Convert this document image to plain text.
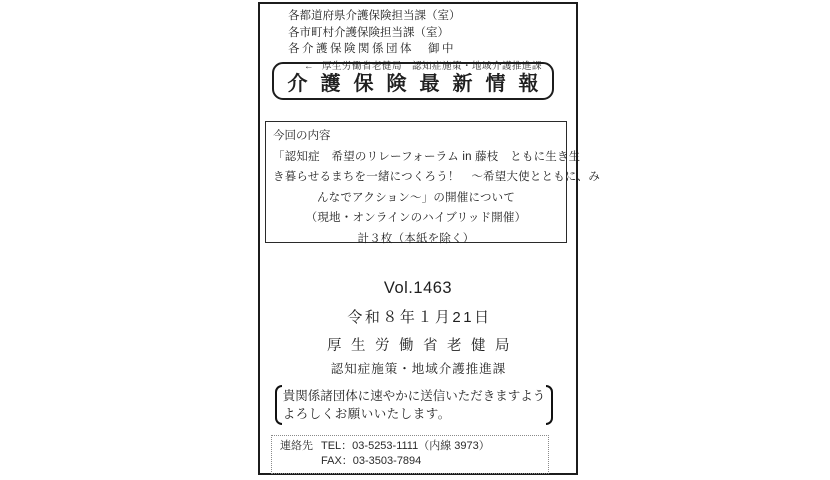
各都道府県介護保険担当課（室）
各市町村介護保険担当課（室）
各介護保険関係団体　御中
← 厚生労働省老健局　認知症施策・地域介護推進課
介護保険最新情報
今回の内容
「認知症　希望のリレーフォーラム in 藤枝　ともに生き生
き暮らせるまちを一緒につくろう！　～希望大使とともに、み
んなでアクション～」の開催について
（現地・オンラインのハイブリッド開催）
計３枚（本紙を除く）
Vol.1463
令和８年１月21日
厚生労働省老健局
認知症施策・地域介護推進課
貴関係諸団体に速やかに送信いただきますよう
よろしくお願いいたします。
連絡先 TEL：03-5253-1111（内線 3973）
FAX：03-3503-7894
